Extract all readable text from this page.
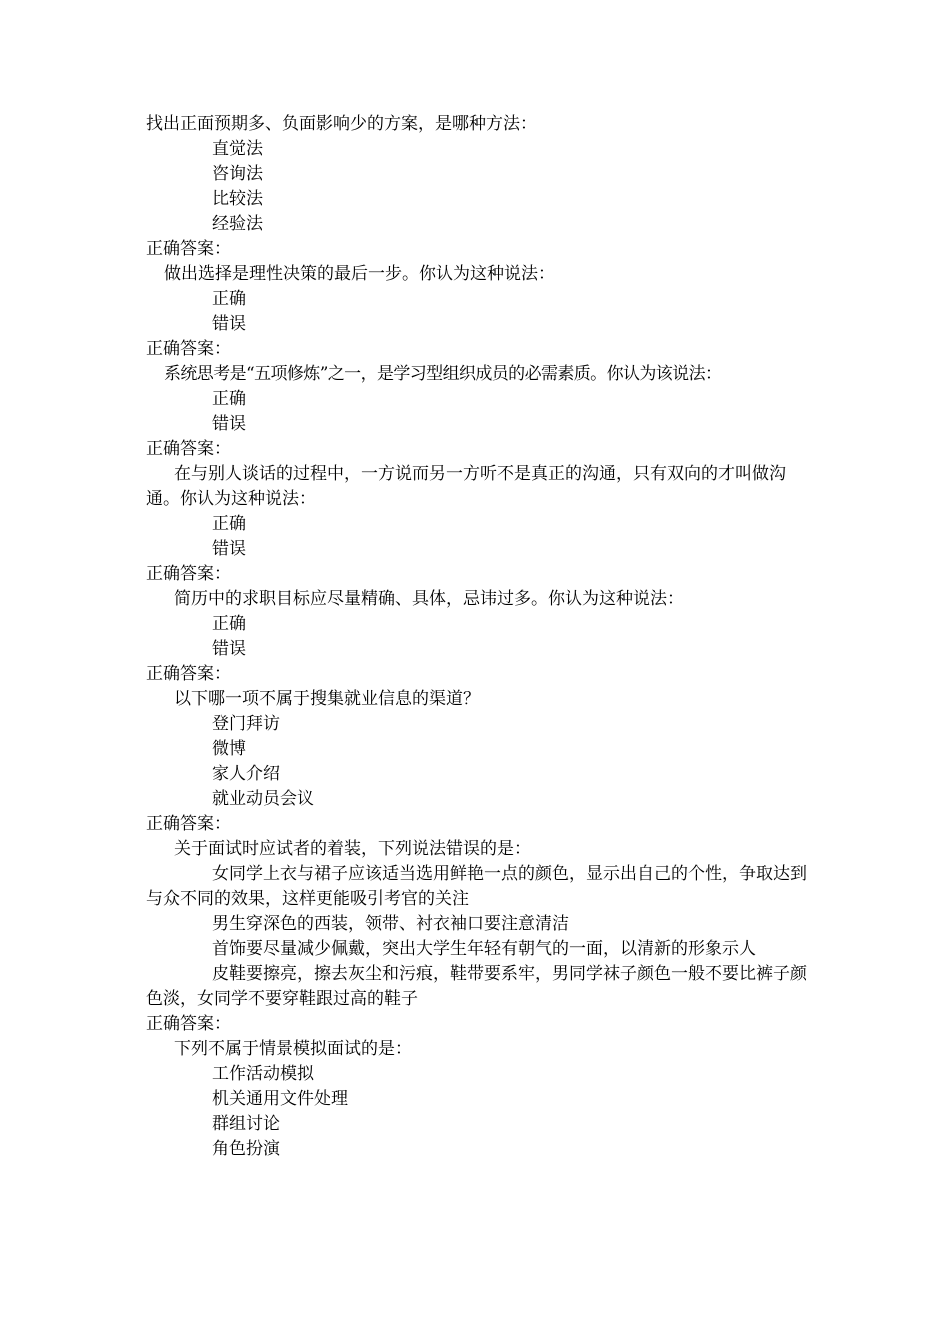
找出正面预期多、负面影响少的方案，是哪种方法：
直觉法
咨询法
比较法
经验法
正确答案：
做出选择是理性决策的最后一步。你认为这种说法：
正确
错误
正确答案：
系统思考是“五项修炼”之一，是学习型组织成员的必需素质。你认为该说法：
正确
错误
正确答案：
在与别人谈话的过程中，一方说而另一方听不是真正的沟通，只有双向的才叫做沟通。你认为这种说法：
正确
错误
正确答案：
简历中的求职目标应尽量精确、具体，忌讳过多。你认为这种说法：
正确
错误
正确答案：
以下哪一项不属于搜集就业信息的渠道？
登门拜访
微博
家人介绍
就业动员会议
正确答案：
关于面试时应试者的着装，下列说法错误的是：
女同学上衣与裙子应该适当选用鲜艳一点的颜色，显示出自己的个性，争取达到与众不同的效果，这样更能吸引考官的关注
男生穿深色的西装，领带、衬衣袖口要注意清洁
首饰要尽量减少佩戴，突出大学生年轻有朝气的一面，以清新的形象示人
皮鞋要擦亮，擦去灰尘和污痕，鞋带要系牢，男同学袜子颜色一般不要比裤子颜色淡，女同学不要穿鞋跟过高的鞋子
正确答案：
下列不属于情景模拟面试的是：
工作活动模拟
机关通用文件处理
群组讨论
角色扮演
